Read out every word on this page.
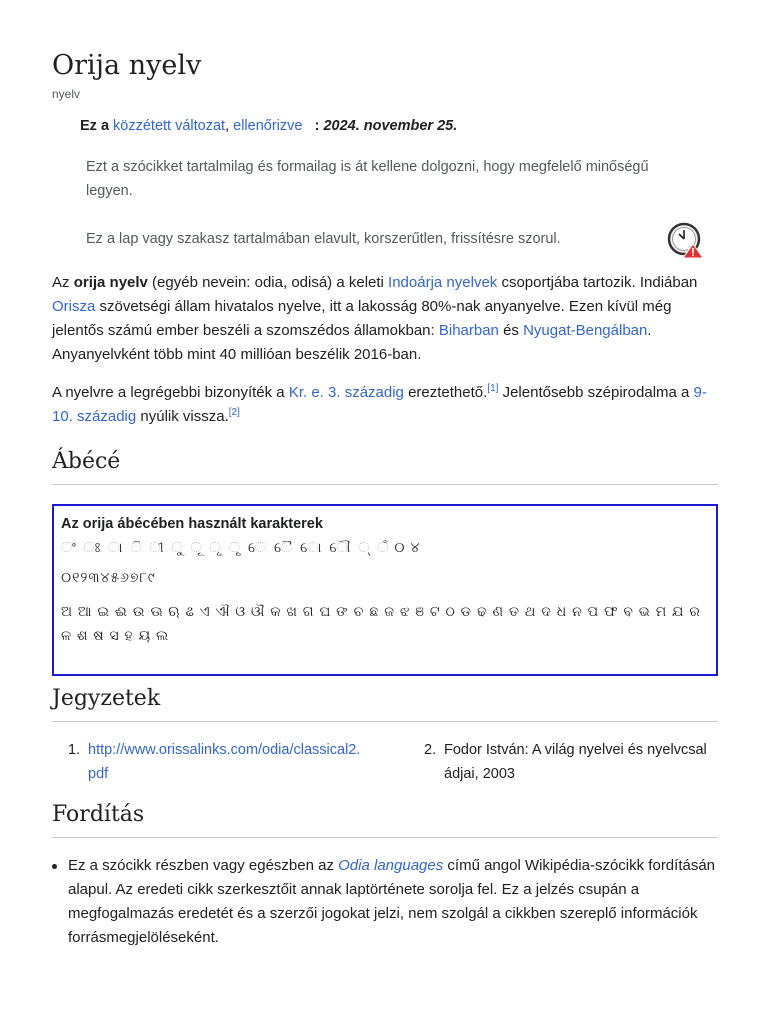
Orija nyelv
nyelv
Ez a közzétett változat, ellenőrizve : 2024. november 25.
Ezt a szócikket tartalmilag és formailag is át kellene dolgozni, hogy megfelelő minőségű legyen.
Ez a lap vagy szakasz tartalmában elavult, korszerűtlen, frissítésre szorul.

Az orija nyelv (egyéb nevein: odia, odisá) a keleti Indoárja nyelvek csoportjába tartozik. Indiában Orisza szövetségi állam hivatalos nyelve, itt a lakosság 80%-nak anyanyelve. Ezen kívül még jelentős számú ember beszéli a szomszédos államokban: Biharban és Nyugat-Bengálban. Anyanyelvként több mint 40 millióan beszélik 2016-ban.

A nyelvre a legrégebbi bizonyíték a Kr. e. 3. századig ereztethető.[1] Jelentősebb szépirodalma a 9-10. századig nyúlik vissza.[2]

Ábécé
Az orija ábécében használt karakterek
ଂ ଃ ା ି ୀ ୁ ୂ ୃ ୄ େ ୈ ୋ ୌ ୍ ଁ ୦ ୪
୦୧୨୩୪୫୬୭୮୯
ଅ ଆ ଇ ଈ ଉ ଊ ଋ ଌ ଏ ଐ ଓ ଔ କ ଖ ଗ ଘ ଙ ଚ ଛ ଜ ଝ ଞ ଟ ଠ ଡ ଢ ଣ ତ ଥ ଦ ଧ ନ ପ ଫ ବ ଭ ମ ଯ ର ଳ ଶ ଷ ସ ହ ୟ ଲ
Jegyzetek
1. http://www.orissalinks.com/odia/classical2.pdf
2. Fodor István: A világ nyelvei és nyelvcsaládjai, 2003
Fordítás
Ez a szócikk részben vagy egészben az Odia languages című angol Wikipédia-szócikk fordításán alapul. Az eredeti cikk szerkesztőit annak laptörténete sorolja fel. Ez a jelzés csupán a megfogalmazás eredetét és a szerzői jogokat jelzi, nem szolgál a cikkben szereplő információk forrásmegjelöléseként.
